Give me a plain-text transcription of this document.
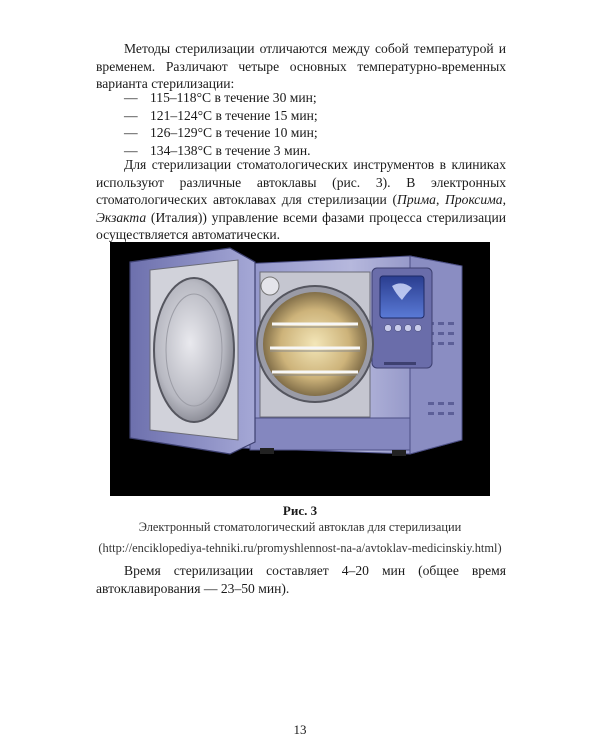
Методы стерилизации отличаются между собой температурой и временем. Различают четыре основных температурно-временных варианта стерилизации:

— 115–118°С в течение 30 мин;
— 121–124°С в течение 15 мин;
— 126–129°С в течение 10 мин;
— 134–138°С в течение 3 мин.

Для стерилизации стоматологических инструментов в клиниках используют различные автоклавы (рис. 3). В электронных стоматологических автоклавах для стерилизации (Прима, Проксима, Экзакта (Италия)) управление всеми фазами процесса стерилизации осуществляется автоматически.

Рис. 3
Электронный стоматологический автоклав для стерилизации
(http://enciklopediya-tehniki.ru/promyshlennost-na-a/avtoklav-medicinskiy.html)

Время стерилизации составляет 4–20 мин (общее время автоклавирования — 23–50 мин).

13
